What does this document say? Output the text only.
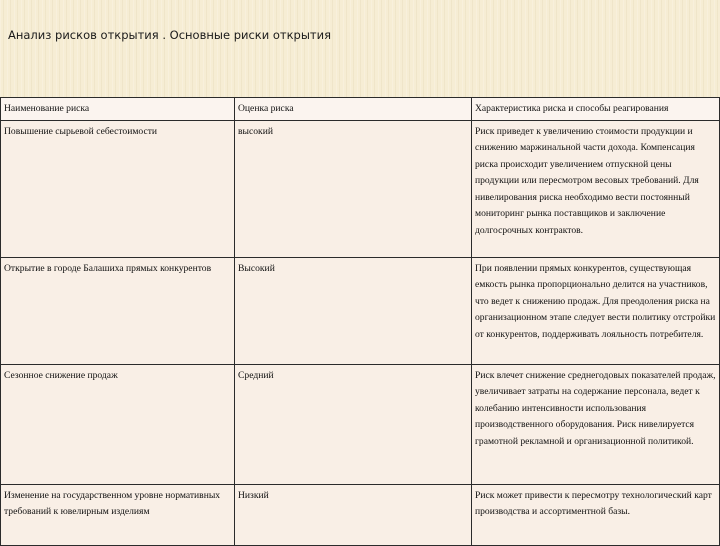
Анализ рисков открытия . Основные риски открытия
Наименование риска	Оценка риска	Характеристика риска и способы реагирования
Повышение сырьевой себестоимости	высокий	Риск приведет к увеличению стоимости продукции и снижению маржинальной части дохода. Компенсация риска происходит увеличением отпускной цены продукции или пересмотром весовых требований. Для нивелирования риска необходимо вести постоянный мониторинг рынка поставщиков и заключение долгосрочных контрактов.
Открытие в городе Балашиха прямых конкурентов	Высокий	При появлении прямых конкурентов, существующая емкость рынка пропорционально делится на участников, что ведет к снижению продаж. Для преодоления риска на организационном этапе следует вести политику отстройки от конкурентов, поддерживать лояльность потребителя.
Сезонное снижение продаж	Средний	Риск влечет снижение среднегодовых показателей продаж, увеличивает затраты на содержание персонала, ведет к колебанию интенсивности использования производственного оборудования. Риск нивелируется грамотной рекламной и организационной политикой.
Изменение на государственном уровне нормативных требований к ювелирным изделиям	Низкий	Риск может привести к пересмотру технологический карт производства и ассортиментной базы.
